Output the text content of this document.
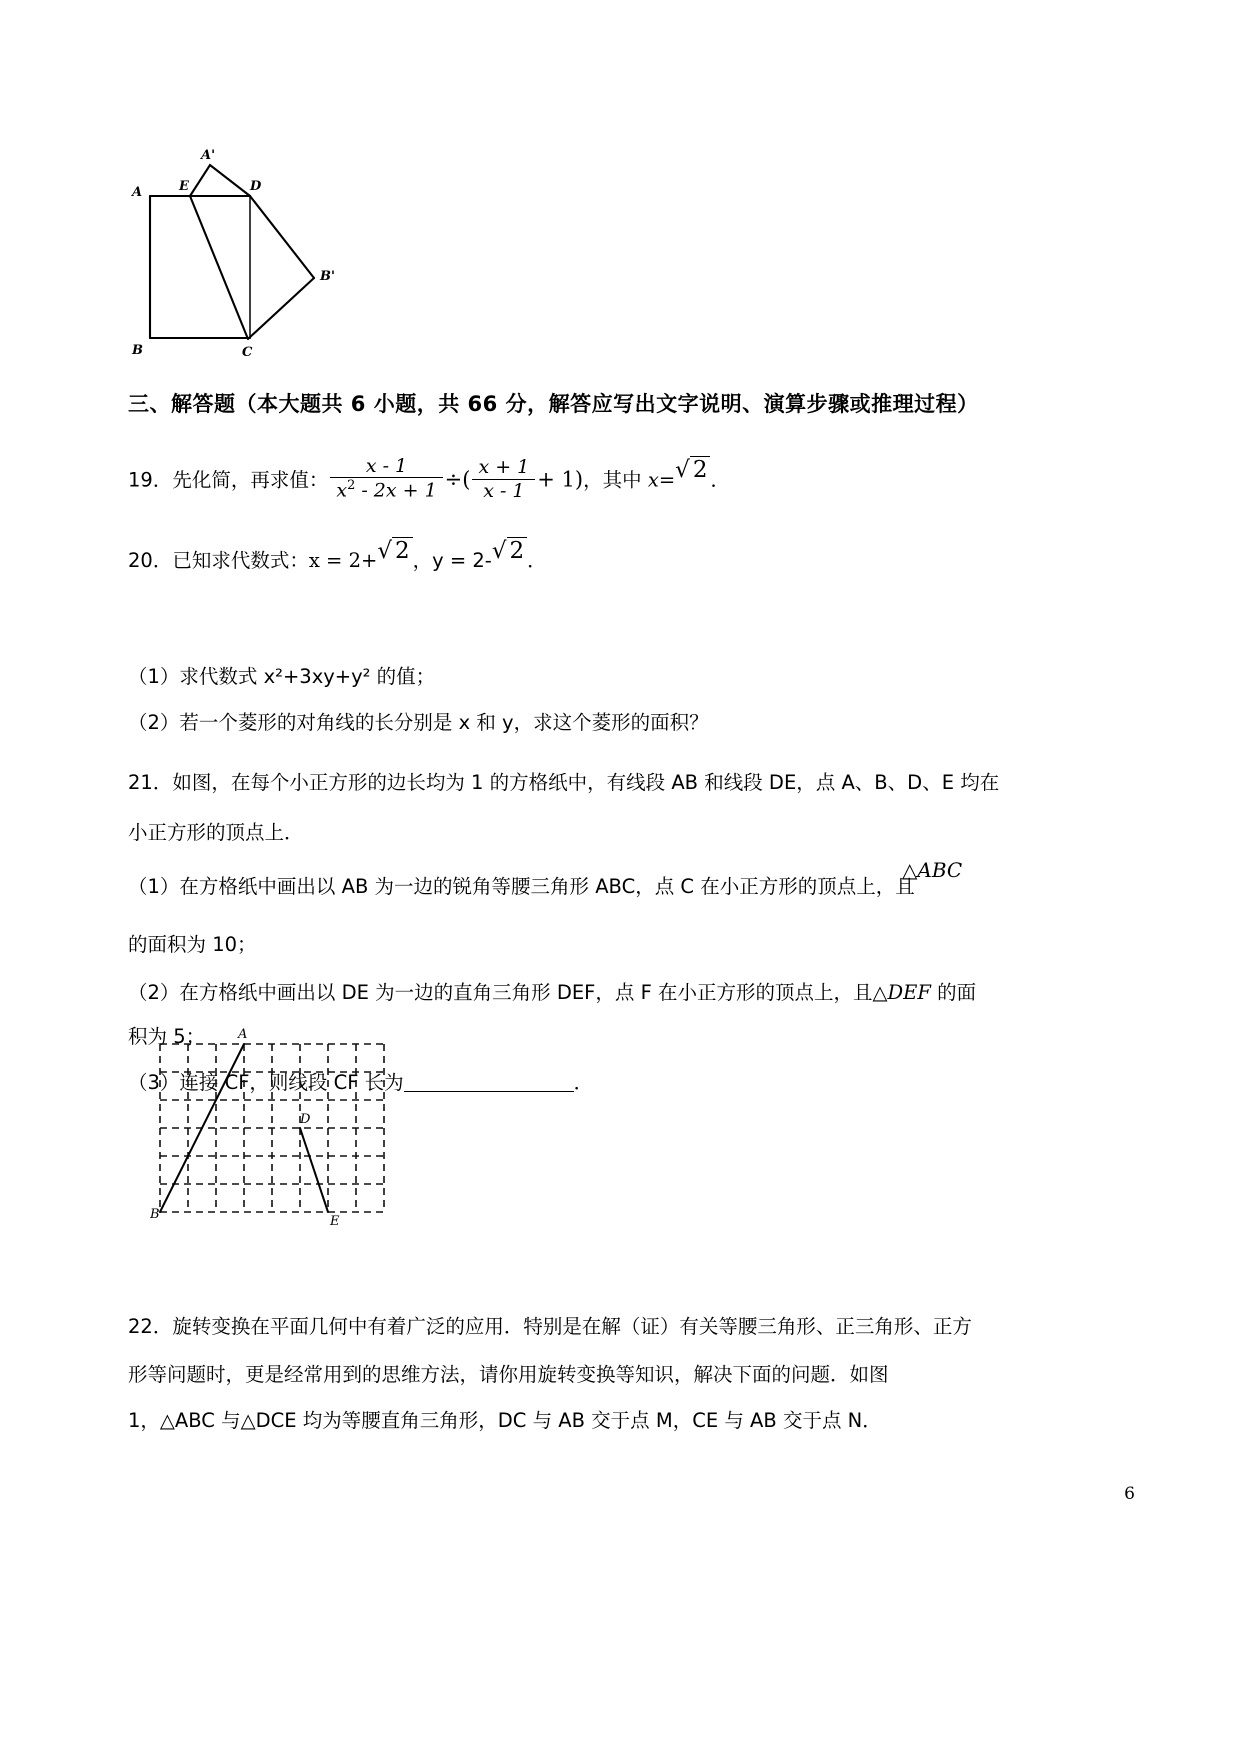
A
A'
E	D
B'
B	C
三、解答题（本大题共 6 小题，共 66 分，解答应写出文字说明、演算步骤或推理过程）
19．先化简，再求值： $\frac{x - 1}{x^2 - 2x + 1}$ ÷( $\frac{x + 1}{x - 1} + 1$)，其中 x=√ 2 ．
20．已知求代数式：x = 2+√ 2 ，y = 2-√ 2 ．
（1）求代数式 x²+3xy+y² 的值；
（2）若一个菱形的对角线的长分别是 x 和 y，求这个菱形的面积？
21．如图，在每个小正方形的边长均为 1 的方格纸中，有线段 AB 和线段 DE，点 A、B、D、E 均在
小正方形的顶点上．
（1）在方格纸中画出以 AB 为一边的锐角等腰三角形 ABC，点 C 在小正方形的顶点上，且
△ABC
的面积为 10；
（2）在方格纸中画出以 DE 为一边的直角三角形 DEF，点 F 在小正方形的顶点上，且△DEF 的面
积为 5；
（3）连接 CF，则线段 CF 长为	．
A
B
D
E
22．旋转变换在平面几何中有着广泛的应用．特别是在解（证）有关等腰三角形、正三角形、正方
形等问题时，更是经常用到的思维方法，请你用旋转变换等知识，解决下面的问题．如图
1，△ABC 与△DCE 均为等腰直角三角形，DC 与 AB 交于点 M，CE 与 AB 交于点 N．
6
